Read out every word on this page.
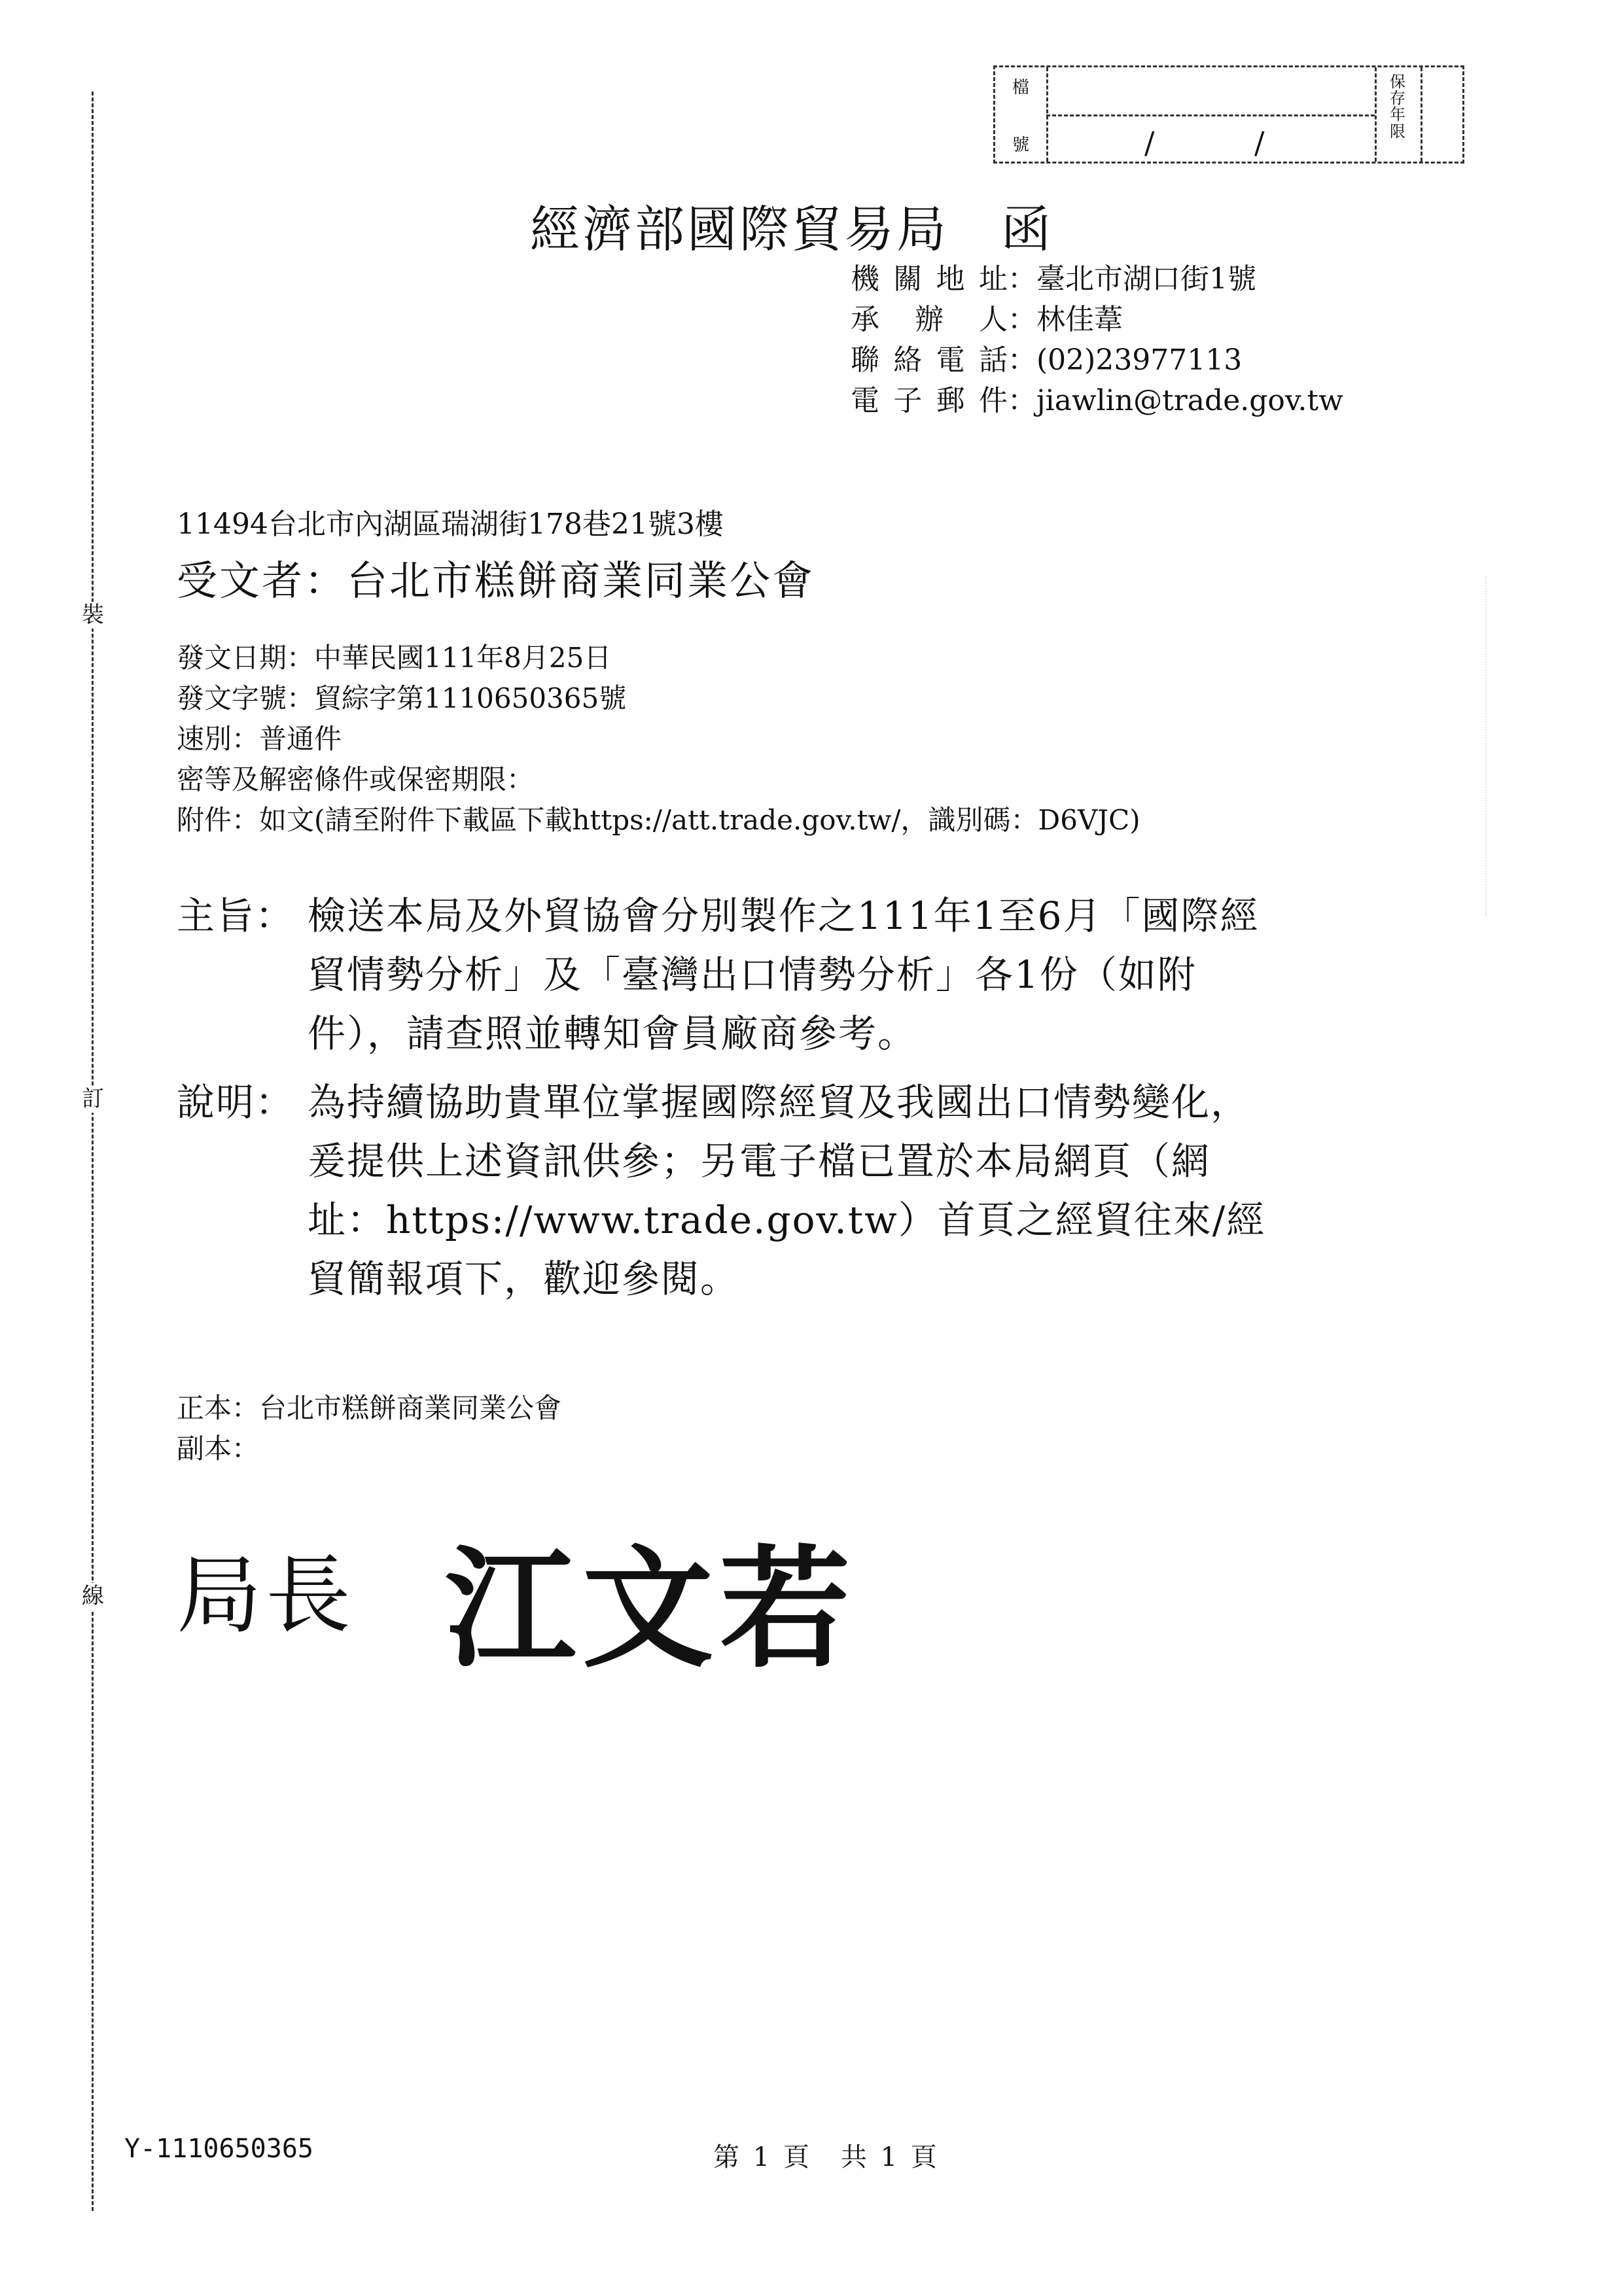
裝
訂
線
檔
號	/	/
保存年限
經濟部國際貿易局　函
機關地址：臺北市湖口街1號
承辦人：林佳葦
聯絡電話：(02)23977113
電子郵件：jiawlin@trade.gov.tw
11494台北市內湖區瑞湖街178巷21號3樓
受文者：台北市糕餅商業同業公會
發文日期：中華民國111年8月25日
發文字號：貿綜字第1110650365號
速別：普通件
密等及解密條件或保密期限：
附件：如文(請至附件下載區下載https://att.trade.gov.tw/，識別碼：D6VJC)
主旨： 檢送本局及外貿協會分別製作之111年1至6月「國際經
貿情勢分析」及「臺灣出口情勢分析」各1份（如附
件），請查照並轉知會員廠商參考。
說明： 為持續協助貴單位掌握國際經貿及我國出口情勢變化，
爰提供上述資訊供參；另電子檔已置於本局網頁（網
址：https://www.trade.gov.tw）首頁之經貿往來/經
貿簡報項下，歡迎參閱。
正本：台北市糕餅商業同業公會
副本：
局長 江文若
Y-1110650365	第 1 頁　共 1 頁
